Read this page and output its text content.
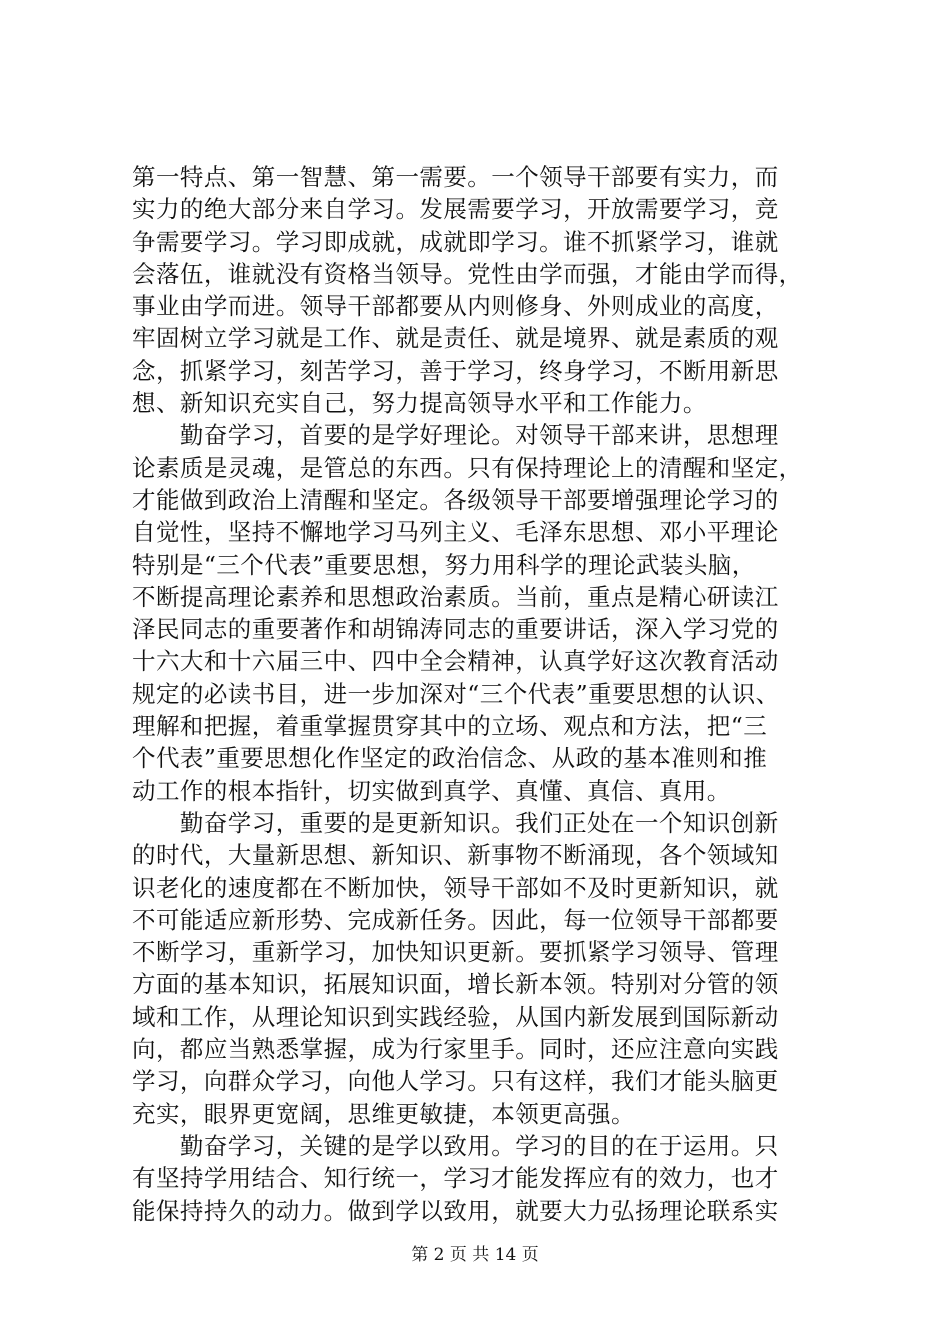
第一特点、第一智慧、第一需要。一个领导干部要有实力，而
实力的绝大部分来自学习。发展需要学习，开放需要学习，竞
争需要学习。学习即成就，成就即学习。谁不抓紧学习，谁就
会落伍，谁就没有资格当领导。党性由学而强，才能由学而得，
事业由学而进。领导干部都要从内则修身、外则成业的高度，
牢固树立学习就是工作、就是责任、就是境界、就是素质的观
念，抓紧学习，刻苦学习，善于学习，终身学习，不断用新思
想、新知识充实自己，努力提高领导水平和工作能力。
　　勤奋学习，首要的是学好理论。对领导干部来讲，思想理
论素质是灵魂，是管总的东西。只有保持理论上的清醒和坚定，
才能做到政治上清醒和坚定。各级领导干部要增强理论学习的
自觉性，坚持不懈地学习马列主义、毛泽东思想、邓小平理论
特别是“三个代表”重要思想，努力用科学的理论武装头脑，
不断提高理论素养和思想政治素质。当前，重点是精心研读江
泽民同志的重要著作和胡锦涛同志的重要讲话，深入学习党的
十六大和十六届三中、四中全会精神，认真学好这次教育活动
规定的必读书目，进一步加深对“三个代表”重要思想的认识、
理解和把握，着重掌握贯穿其中的立场、观点和方法，把“三
个代表”重要思想化作坚定的政治信念、从政的基本准则和推
动工作的根本指针，切实做到真学、真懂、真信、真用。
　　勤奋学习，重要的是更新知识。我们正处在一个知识创新
的时代，大量新思想、新知识、新事物不断涌现，各个领域知
识老化的速度都在不断加快，领导干部如不及时更新知识，就
不可能适应新形势、完成新任务。因此，每一位领导干部都要
不断学习，重新学习，加快知识更新。要抓紧学习领导、管理
方面的基本知识，拓展知识面，增长新本领。特别对分管的领
域和工作，从理论知识到实践经验，从国内新发展到国际新动
向，都应当熟悉掌握，成为行家里手。同时，还应注意向实践
学习，向群众学习，向他人学习。只有这样，我们才能头脑更
充实，眼界更宽阔，思维更敏捷，本领更高强。
　　勤奋学习，关键的是学以致用。学习的目的在于运用。只
有坚持学用结合、知行统一，学习才能发挥应有的效力，也才
能保持持久的动力。做到学以致用，就要大力弘扬理论联系实
第 2 页 共 14 页
